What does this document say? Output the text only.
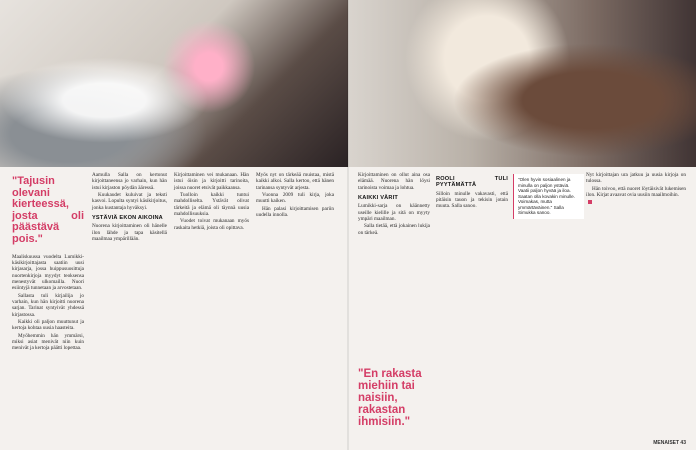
"Tajusin olevani kierteessä, josta oli päästävä pois."

Maaliskuussa vuodelta Lumikki-käsikirjoittajasta saatiin uusi kirjasarja, jossa huippusuosittuja nuortenkirjoja myydyt teoksensa menestyvät ulkomailla. Nuori esiintyjä tunnetaan ja arvostetaan.

Sallasta tuli kirjailija jo varhain, kun hän kirjoitti nuorena sarjan. Tarinat syntyivät yhdessä kirjastossa.

Kaikki oli paljon muuttunut ja kertoja kohtaa uusia haasteita.

Myöhemmin hän ymmärsi, miksi asiat menivät niin kuin menivät ja kertoja päätti lopettaa.

Aamulla Salla on kertonut kirjoittaneensa jo varhain, kun hän istui kirjaston pöydän ääressä.

Kuukaudet kuluivat ja teksti kasvoi. Lopulta syntyi käsikirjoitus, jonka kustantaja hyväksyi.

YSTÄVIÄ EKON AIKOINA

Nuorena kirjoittaminen oli hänelle ilon lähde ja tapa käsitellä maailmaa ympärillään.

Kirjoittaminen vei mukanaan. Hän istui öisin ja kirjoitti tarinoita, joissa nuoret etsivät paikkaansa.

Tuolloin kaikki tuntui mahdolliselta. Ystävät olivat tärkeitä ja elämä oli täynnä uusia mahdollisuuksia.

Vuodet toivat mukanaan myös raskaita hetkiä, joista oli opittava.

Myös nyt on tärkeää muistaa, mistä kaikki alkoi. Salla kertoo, että hänen tarinansa syntyvät arjesta.

Vuonna 2009 tuli kirja, joka muutti kaiken.

Hän palasi kirjoittamisen pariin uudella innolla.

Kirjoittaminen on ollut aina osa elämää. Nuorena hän löysi tarinoista voimaa ja lohtua.

KAIKKI VÄRIT

Lumikki-sarja on käännetty useille kielille ja sitä on myyty ympäri maailman.

Salla tietää, että jokainen lukija on tärkeä.

"En rakasta miehiin tai naisiin, rakastan ihmisiin."
ROOLI TULI PYYTÄMÄTTÄ

Silloin minulle vakavasti, että pitäisin tauon ja tekisin jotain muuta. Salla sanoo.

"Olen hyvin sosiaalinen ja minulla on paljon ystäviä. Vaatii paljon hyvää ja iloa. Saatan olla kovakin minulle. Voimakas, mutta ymmärtäväinen." Salla Simukka sanoo.

Nyt kirjoittajan ura jatkuu ja uusia kirjoja on tulossa.

Hän toivoo, että nuoret löytäisivät lukemisen ilon. Kirjat avaavat ovia uusiin maailmoihin.

MENAISET 43
